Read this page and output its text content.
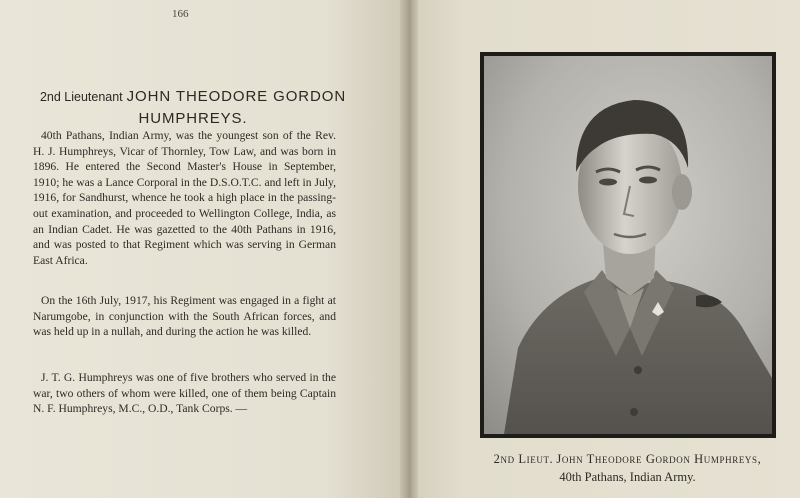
166
2nd Lieutenant JOHN THEODORE GORDON HUMPHREYS.

40th Pathans, Indian Army, was the youngest son of the Rev. H. J. Humphreys, Vicar of Thornley, Tow Law, and was born in 1896. He entered the Second Master's House in September, 1910; he was a Lance Corporal in the D.S.O.T.C. and left in July, 1916, for Sandhurst, whence he took a high place in the passing-out examination, and proceeded to Wellington College, India, as an Indian Cadet. He was gazetted to the 40th Pathans in 1916, and was posted to that Regiment which was serving in German East Africa.

On the 16th July, 1917, his Regiment was engaged in a fight at Narumgobe, in conjunction with the South African forces, and was held up in a nullah, and during the action he was killed.

J. T. G. Humphreys was one of five brothers who served in the war, two others of whom were killed, one of them being Captain N. F. Humphreys, M.C., O.D., Tank Corps. —

2nd Lieut. John Theodore Gordon Humphreys,
40th Pathans, Indian Army.
